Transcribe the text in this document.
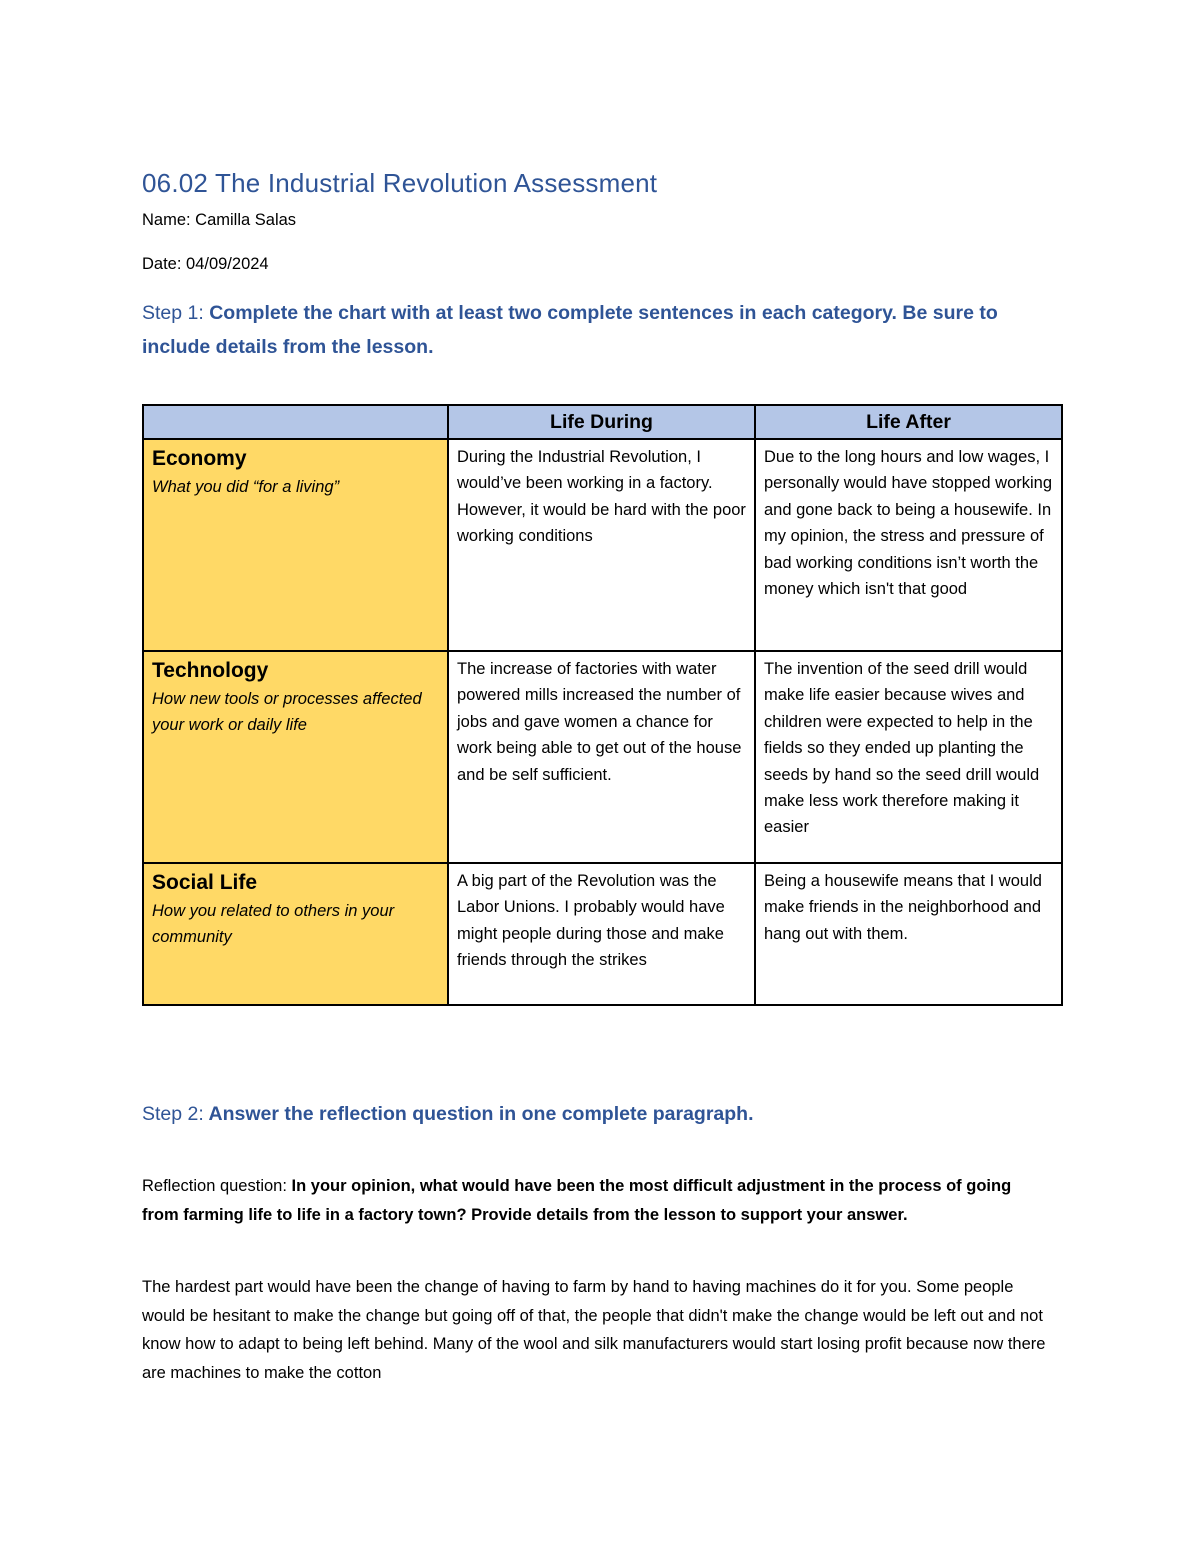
06.02 The Industrial Revolution Assessment

Name: Camilla Salas

Date: 04/09/2024

Step 1: Complete the chart with at least two complete sentences in each category. Be sure to include details from the lesson.

	Life During	Life After

Economy
What you did “for a living”	During the Industrial Revolution, I would’ve been working in a factory. However, it would be hard with the poor working conditions	Due to the long hours and low wages, I personally would have stopped working and gone back to being a housewife. In my opinion, the stress and pressure of bad working conditions isn’t worth the money which isn't that good

Technology
How new tools or processes affected your work or daily life	The increase of factories with water powered mills increased the number of jobs and gave women a chance for work being able to get out of the house and be self sufficient.	The invention of the seed drill would make life easier because wives and children were expected to help in the fields so they ended up planting the seeds by hand so the seed drill would make less work therefore making it easier

Social Life
How you related to others in your community	A big part of the Revolution was the Labor Unions. I probably would have might people during those and make friends through the strikes	Being a housewife means that I would make friends in the neighborhood and hang out with them.

Step 2: Answer the reflection question in one complete paragraph.

Reflection question: In your opinion, what would have been the most difficult adjustment in the process of going from farming life to life in a factory town? Provide details from the lesson to support your answer.

The hardest part would have been the change of having to farm by hand to having machines do it for you. Some people would be hesitant to make the change but going off of that, the people that didn't make the change would be left out and not know how to adapt to being left behind. Many of the wool and silk manufacturers would start losing profit because now there are machines to make the cotton
